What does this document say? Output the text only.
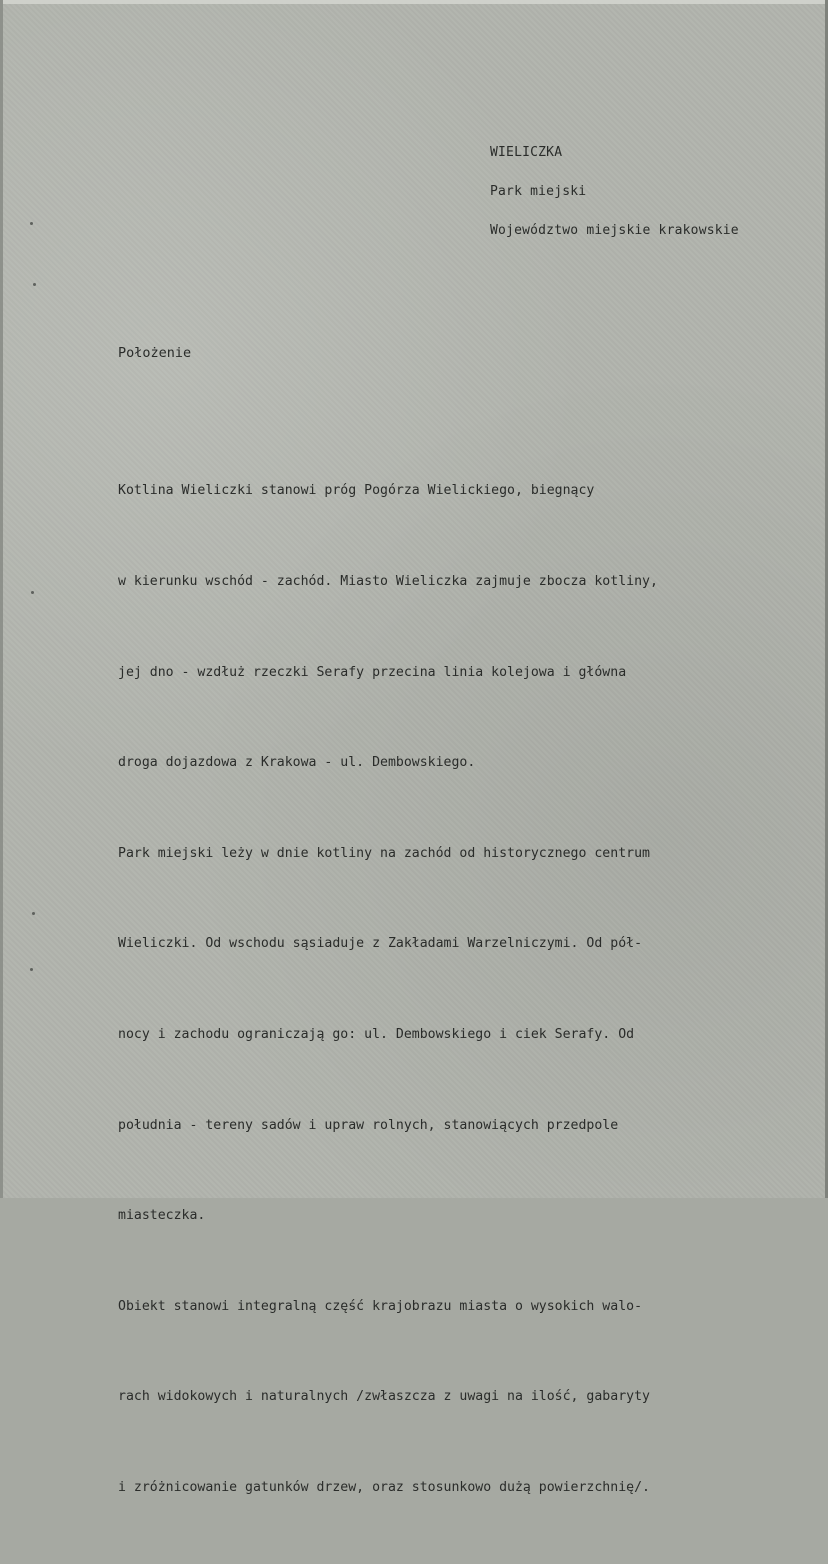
WIELICZKA
Park miejski
Województwo miejskie krakowskie
Położenie

Kotlina Wieliczki stanowi próg Pogórza Wielickiego, biegnący

w kierunku wschód - zachód. Miasto Wieliczka zajmuje zbocza kotliny,

jej dno - wzdłuż rzeczki Serafy przecina linia kolejowa i główna

droga dojazdowa z Krakowa - ul. Dembowskiego.

Park miejski leży w dnie kotliny na zachód od historycznego centrum

Wieliczki. Od wschodu sąsiaduje z Zakładami Warzelniczymi. Od pół-

nocy i zachodu ograniczają go: ul. Dembowskiego i ciek Serafy. Od

południa - tereny sadów i upraw rolnych, stanowiących przedpole

miasteczka.

Obiekt stanowi integralną część krajobrazu miasta o wysokich walo-

rach widokowych i naturalnych /zwłaszcza z uwagi na ilość, gabaryty

i zróżnicowanie gatunków drzew, oraz stosunkowo dużą powierzchnię/.
